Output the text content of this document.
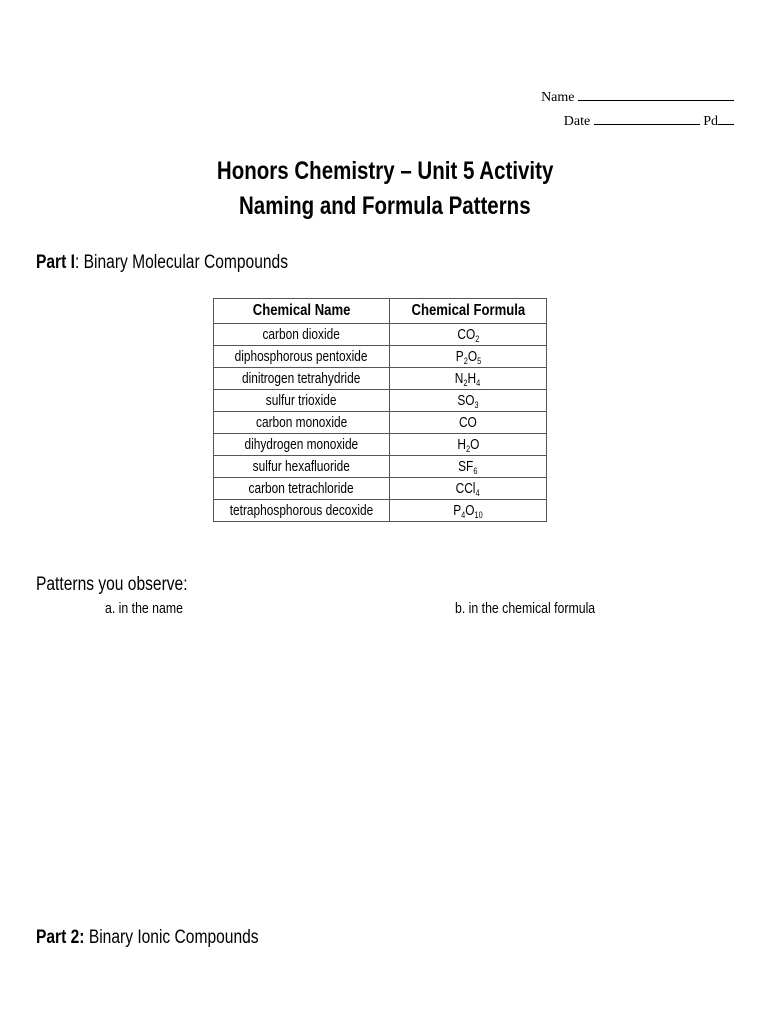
Name
Date	Pd
Honors Chemistry – Unit 5 Activity
Naming and Formula Patterns
Part I: Binary Molecular Compounds
Chemical Name	Chemical Formula
carbon dioxide	$CO_2$
diphosphorous pentoxide	$P_2O_5$
dinitrogen tetrahydride	$N_2H_4$
sulfur trioxide	$SO_3$
carbon monoxide	CO
dihydrogen monoxide	$H_2O$
sulfur hexafluoride	$SF_6$
carbon tetrachloride	CCl$_4$
tetraphosphorous decoxide	$P_4O_{10}$
Patterns you observe:
a. in the name	b. in the chemical formula
Part 2: Binary Ionic Compounds
